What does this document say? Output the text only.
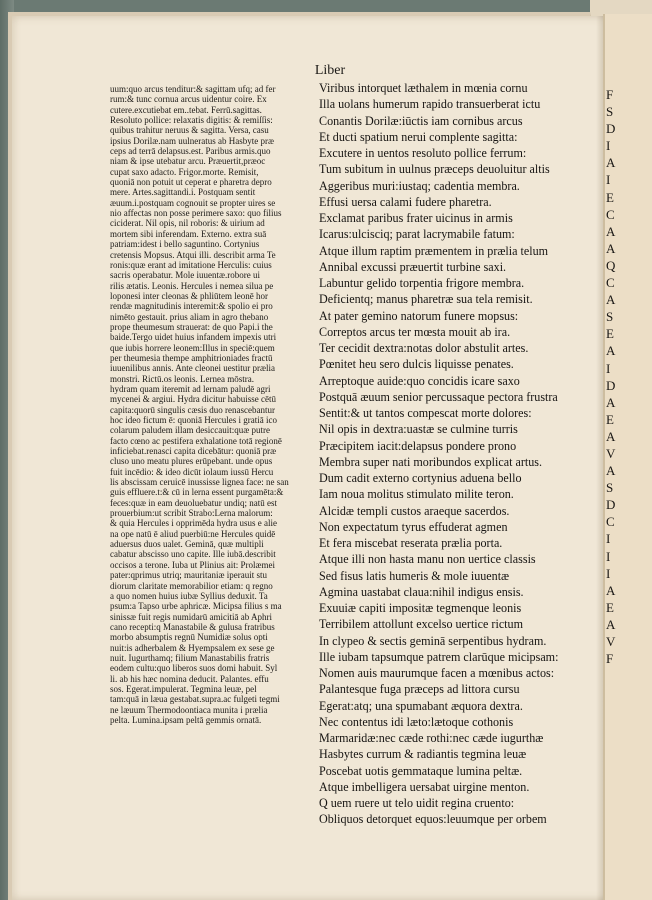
Liber
uum:quo arcus tenditur:& sagittam ufq; ad fer
rum:& tunc cornua arcus uidentur coire. Ex
cutere.excutiebat em..tebat. Ferrū.sagittas.
Resoluto pollice: relaxatis digitis: & remiſſis:
quibus trahitur neruus & sagitta. Versa, casu
ipsius Dorilæ.nam uulneratus ab Hasbyte præ
ceps ad terrā delapsus.est. Paribus armis.quo
niam & ipse utebatur arcu. Præuertit,præoc
cupat saxo adacto. Frigor.morte. Remisit,
quoniā non potuit ut ceperat e pharetra depro
mere. Artes.sagittandi.i. Postquam sentit
æuum.i.postquam cognouit se propter uires se
nio affectas non posse perimere saxo: quo filius
ciciderat. Nil opis, nil roboris: & uirium ad
mortem sibi inferendam. Externo. extra suā
patriam:idest i bello saguntino. Cortynius
cretensis Mopsus. Atqui illi. describit arma Te
ronis:quæ erant ad imitatione Herculis: cuius
sacris operabatur. Mole iuuentæ.robore ui
rilis ætatis. Leonis. Hercules i nemea silua pe
loponesi inter cleonas & phliūtem leonē hor
rendæ magnitudinis interemit:& spolio ei pro
nimēto gestauit. prius aliam in agro thebano
prope theumesum strauerat: de quo Papi.i the
baide.Tergo uidet huius infandem impexis utri
que iubis horrere leonem:Illus in speciē:quem
per theumesia thempe amphitrioniades fractū
iuuenilibus annis. Ante cleonei uestitur prælia
monstri. Rictū.os leonis. Lernea mōstra.
hydram quam iteremit ad lernam paludē agri
mycenei & argiui. Hydra dicitur habuisse cētū
capita:quorū singulis cæsis duo renascebantur
hoc ideo fictum ē: quoniā Hercules i gratiā ico
colarum paludem illam desiccauit:quæ putre
facto cœno ac pestifera exhalatione totā regionē
inficiebat.renasci capita dicebātur: quoniā præ
cluso uno meatu plures erūpebant. unde opus
fuit incēdio: & ideo dicūt iolaum iussū Hercu
lis abscissam ceruicē inussisse lignea face: ne san
guis effluere.t:& cū in lerna essent purgamēta:&
feces:quæ in eam deuoluebatur undiq; natū est
prouerbium:ut scribit Strabo:Lerna malorum:
& quia Hercules i opprimēda hydra usus e alie
na ope natū ē aliud puerbiū:ne Hercules quidē
aduersus duos ualet. Geminā, quæ multipli
cabatur abscisso uno capite. Ille iubā.describit
occisos a terone. Iuba ut Plinius ait: Prolæmei
pater:qprimus utriq; mauritaniæ iperauit stu
diorum claritate memorabilior etiam: q regno
a quo nomen huius iubæ Syllius deduxit. Ta
psum:a Tapso urbe aphricæ. Micipsa filius s ma
sinissæ fuit regis numidarū amicitiā ab Aphri
cano recepti:q Manastabile & gulusa fratribus
morbo absumptis regnū Numidiæ solus opti
nuit:is adherbalem & Hyempsalem ex sese ge
nuit. Iugurthamq; filium Manastabilis fratris
eodem cultu:quo liberos suos domi habuit. Syl
li. ab his hæc nomina deducit. Palantes. effu
sos. Egerat.impulerat. Tegmina leuæ, pel
tam:quā in læua gestabat.supra.ac fulgeti tegmi
ne læuum Thermodoontiaca munita i prælia
pelta. Lumina.ipsam peltā gemmis ornatā.
Viribus intorquet læthalem in mœnia cornu
Illa uolans humerum rapido transuerberat ictu
Conantis Dorilæ:iūctis iam cornibus arcus
Et ducti spatium nerui complente sagitta:
Excutere in uentos resoluto pollice ferrum:
Tum subitum in uulnus præceps deuoluitur altis
Aggeribus muri:iustaq; cadentia membra.
Effusi uersa calami fudere pharetra.
Exclamat paribus frater uicinus in armis
Icarus:ulcisciq; parat lacrymabile fatum:
Atque illum raptim præmentem in prælia telum
Annibal excussi præuertit turbine saxi.
Labuntur gelido torpentia frigore membra.
Deficientq; manus pharetræ sua tela remisit.
At pater gemino natorum funere mopsus:
Correptos arcus ter mœsta mouit ab ira.
Ter cecidit dextra:notas dolor abstulit artes.
Pœnitet heu sero dulcis liquisse penates.
Arreptoque auide:quo concidis icare saxo
Postquā æuum senior percussaque pectora frustra
Sentit:& ut tantos compescat morte dolores:
Nil opis in dextra:uastæ se culmine turris
Præcipitem iacit:delapsus pondere prono
Membra super nati moribundos explicat artus.
Dum cadit externo cortynius aduena bello
Iam noua molitus stimulato milite teron.
Alcidæ templi custos araeque sacerdos.
Non expectatum tyrus effuderat agmen
Et fera miscebat reserata prælia porta.
Atque illi non hasta manu non uertice classis
Sed fisus latis humeris & mole iuuentæ
Agmina uastabat claua:nihil indigus ensis.
Exuuiæ capiti impositæ tegmenque leonis
Terribilem attollunt excelso uertice rictum
In clypeo & sectis geminā serpentibus hydram.
Ille iubam tapsumque patrem clarūque micipsam:
Nomen auis maurumque facen a mœnibus actos:
Palantesque fuga præceps ad littora cursu
Egerat:atq; una spumabant æquora dextra.
Nec contentus idi læto:lætoque cothonis
Marmaridæ:nec cæde rothi:nec cæde iugurthæ
Hasbytes currum & radiantis tegmina leuæ
Poscebat uotis gemmataque lumina peltæ.
Atque imbelligera uersabat uirgine menton.
Q uem ruere ut telo uidit regina cruento:
Obliquos detorquet equos:leuumque per orbem
F
S
D
I
A
I
E
C
A
A
Q
C
A
S
E
A
I
D
A
E
A
V
A
S
D
C
I
I
I
A
E
A
V
F
